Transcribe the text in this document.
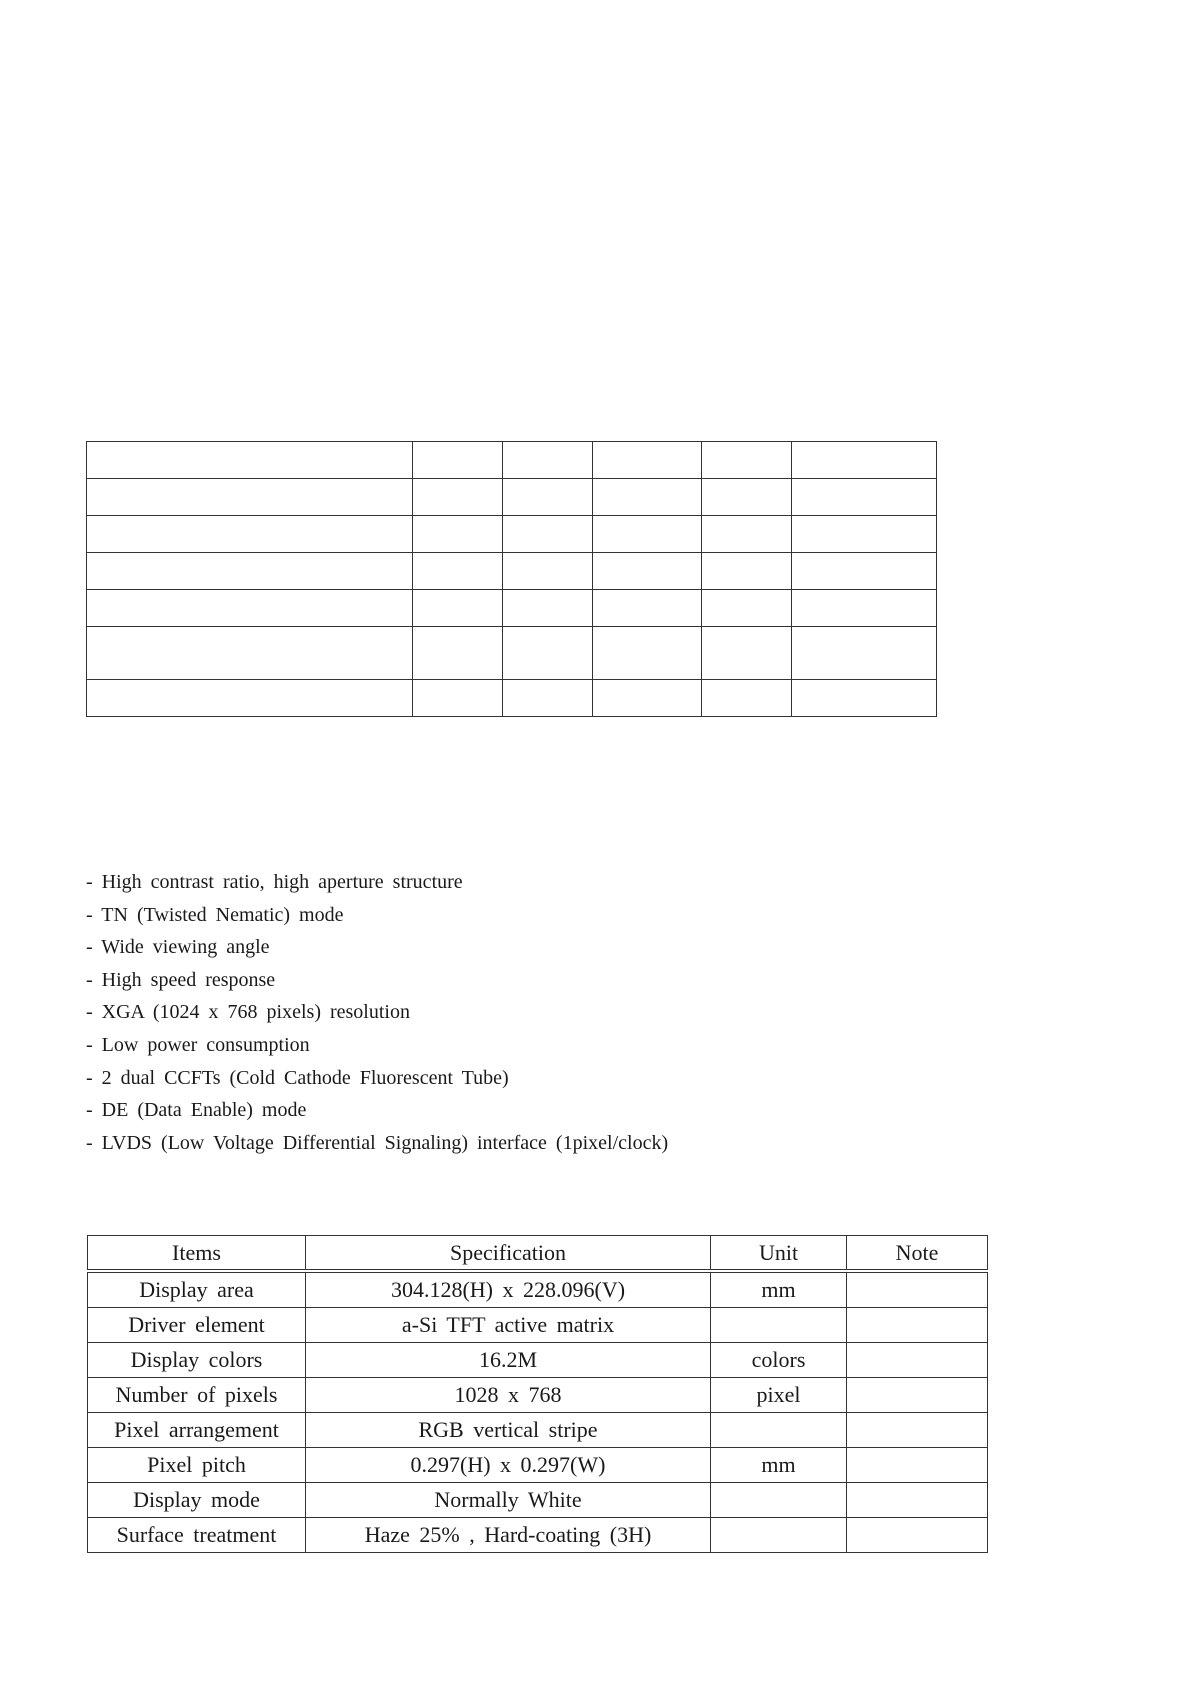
- High contrast ratio, high aperture structure
- TN (Twisted Nematic) mode
- Wide viewing angle
- High speed response
- XGA (1024 x 768 pixels) resolution
- Low power consumption
- 2 dual CCFTs (Cold Cathode Fluorescent Tube)
- DE (Data Enable) mode
- LVDS (Low Voltage Differential Signaling) interface (1pixel/clock)
Items	Specification	Unit	Note
Display area	304.128(H) x 228.096(V)	mm	
Driver element	a-Si TFT active matrix		
Display colors	16.2M	colors	
Number of pixels	1028 x 768	pixel	
Pixel arrangement	RGB vertical stripe		
Pixel pitch	0.297(H) x 0.297(W)	mm	
Display mode	Normally White		
Surface treatment	Haze 25% , Hard-coating (3H)		
